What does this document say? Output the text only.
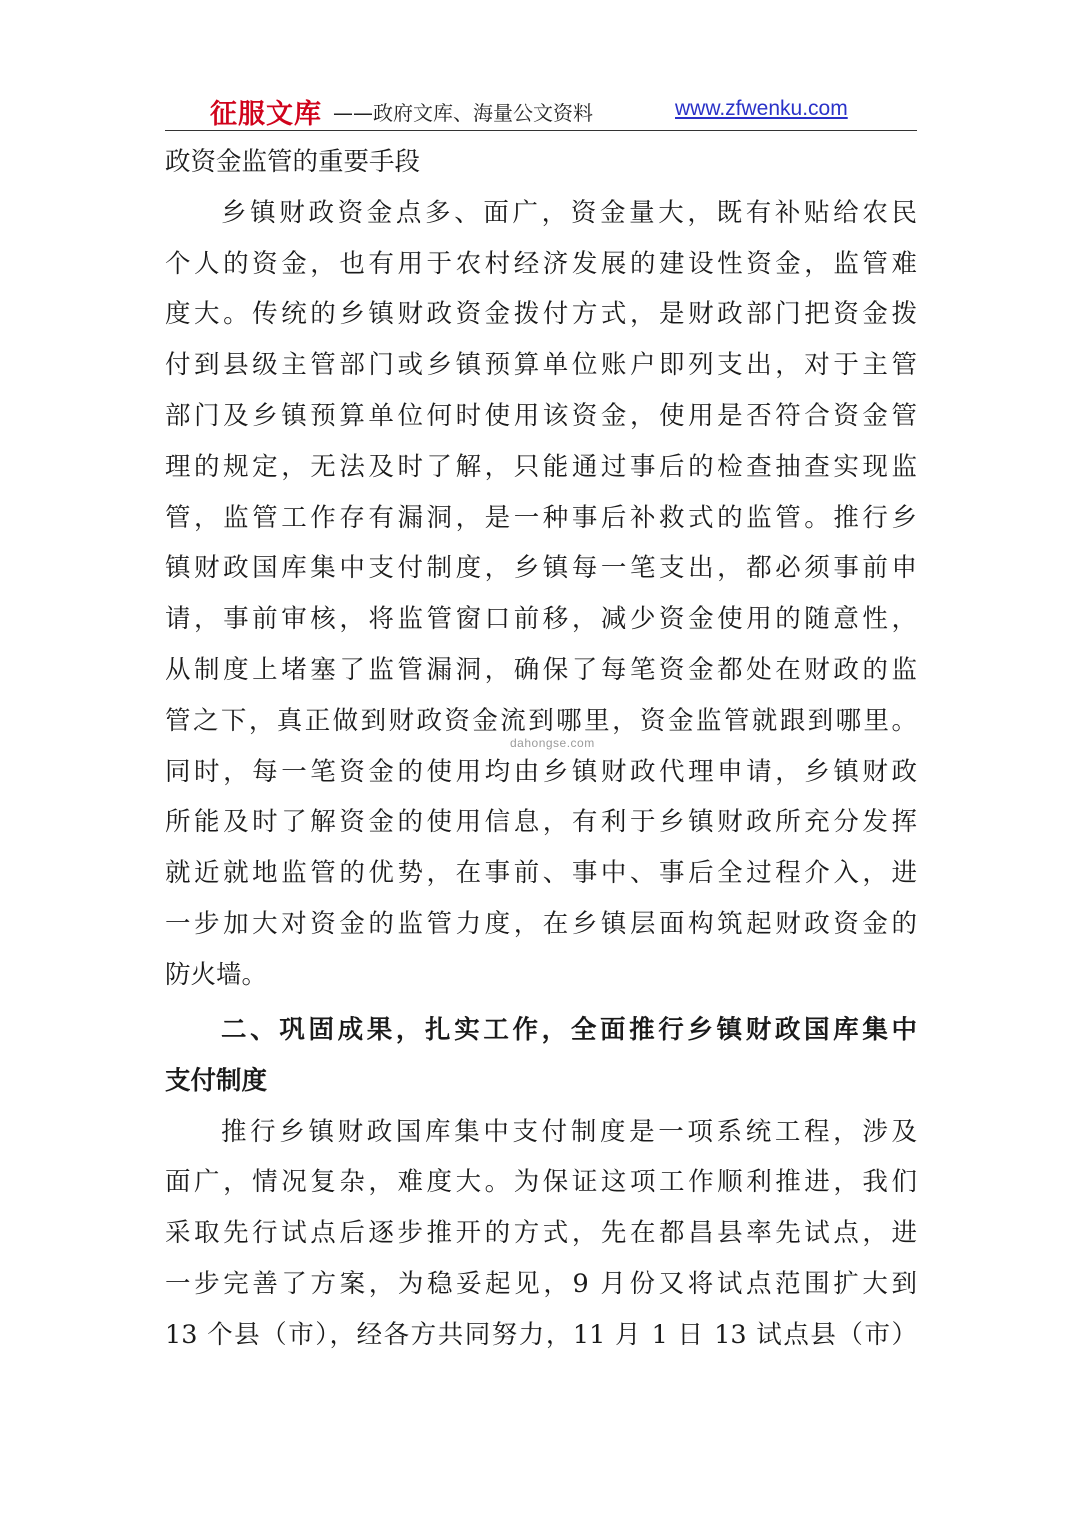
征服文库 ——政府文库、海量公文资料	www.zfwenku.com
政资金监管的重要手段
乡镇财政资金点多、面广，资金量大，既有补贴给农民
个人的资金，也有用于农村经济发展的建设性资金，监管难
度大。传统的乡镇财政资金拨付方式，是财政部门把资金拨
付到县级主管部门或乡镇预算单位账户即列支出，对于主管
部门及乡镇预算单位何时使用该资金，使用是否符合资金管
理的规定，无法及时了解，只能通过事后的检查抽查实现监
管，监管工作存有漏洞，是一种事后补救式的监管。推行乡
镇财政国库集中支付制度，乡镇每一笔支出，都必须事前申
请，事前审核，将监管窗口前移，减少资金使用的随意性，
从制度上堵塞了监管漏洞，确保了每笔资金都处在财政的监
管之下，真正做到财政资金流到哪里，资金监管就跟到哪里。
同时，每一笔资金的使用均由乡镇财政代理申请，乡镇财政
所能及时了解资金的使用信息，有利于乡镇财政所充分发挥
就近就地监管的优势，在事前、事中、事后全过程介入，进
一步加大对资金的监管力度，在乡镇层面构筑起财政资金的
防火墙。
二、巩固成果，扎实工作，全面推行乡镇财政国库集中
支付制度
推行乡镇财政国库集中支付制度是一项系统工程，涉及
面广，情况复杂，难度大。为保证这项工作顺利推进，我们
采取先行试点后逐步推开的方式，先在都昌县率先试点，进
一步完善了方案，为稳妥起见，9 月份又将试点范围扩大到
13 个县（市），经各方共同努力，11 月 1 日 13 试点县（市）
dahongse.com
